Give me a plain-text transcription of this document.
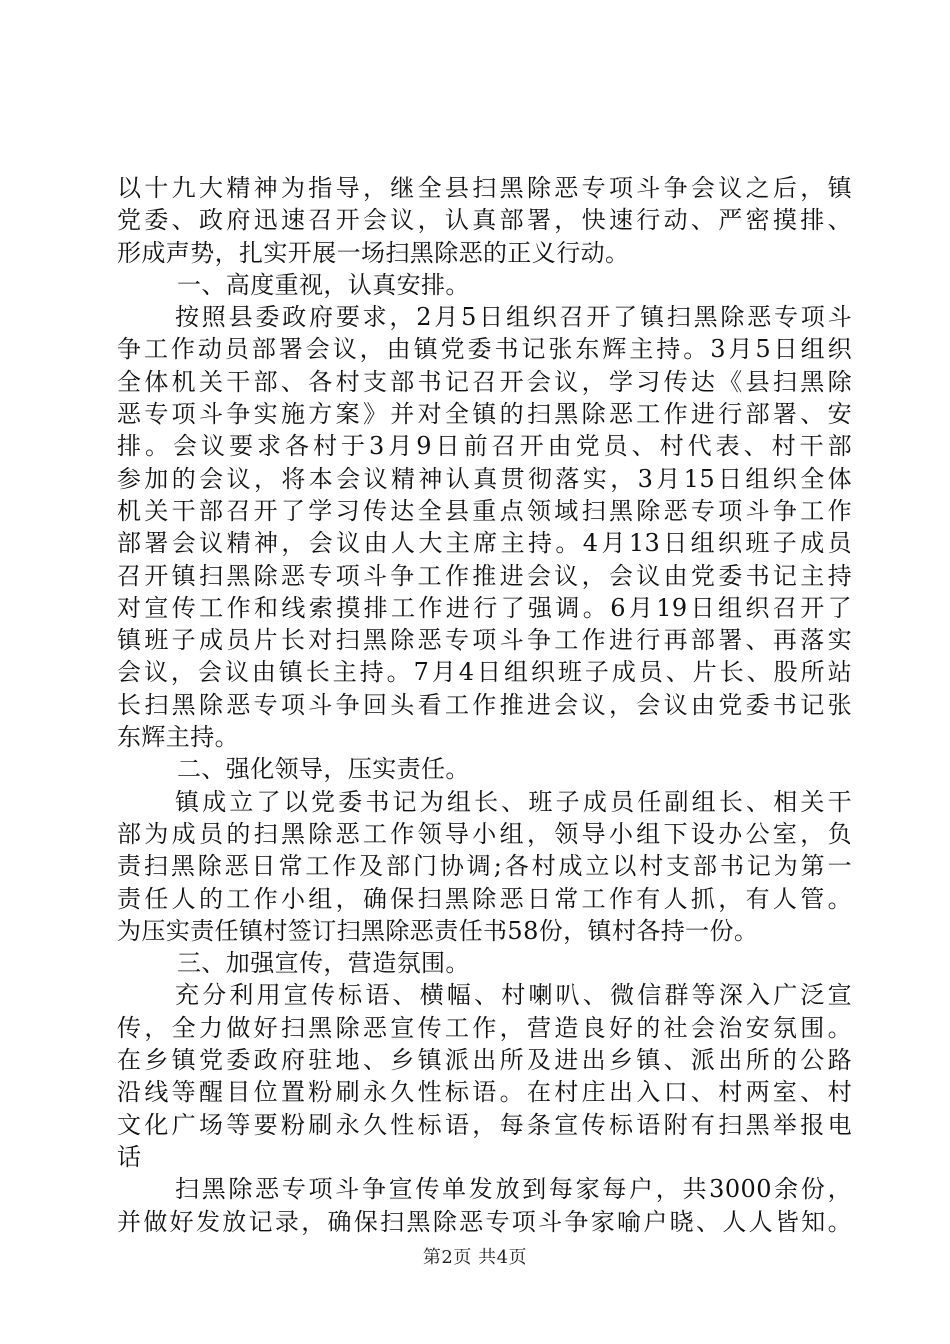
以十九大精神为指导，继全县扫黑除恶专项斗争会议之后，镇
党委、政府迅速召开会议，认真部署，快速行动、严密摸排、
形成声势，扎实开展一场扫黑除恶的正义行动。
一、高度重视，认真安排。
按照县委政府要求，2月5日组织召开了镇扫黑除恶专项斗
争工作动员部署会议，由镇党委书记张东辉主持。3月5日组织
全体机关干部、各村支部书记召开会议，学习传达《县扫黑除
恶专项斗争实施方案》并对全镇的扫黑除恶工作进行部署、安
排。会议要求各村于3月9日前召开由党员、村代表、村干部
参加的会议，将本会议精神认真贯彻落实，3月15日组织全体
机关干部召开了学习传达全县重点领域扫黑除恶专项斗争工作
部署会议精神，会议由人大主席主持。4月13日组织班子成员
召开镇扫黑除恶专项斗争工作推进会议，会议由党委书记主持
对宣传工作和线索摸排工作进行了强调。6月19日组织召开了
镇班子成员片长对扫黑除恶专项斗争工作进行再部署、再落实
会议，会议由镇长主持。7月4日组织班子成员、片长、股所站
长扫黑除恶专项斗争回头看工作推进会议，会议由党委书记张
东辉主持。
二、强化领导，压实责任。
镇成立了以党委书记为组长、班子成员任副组长、相关干
部为成员的扫黑除恶工作领导小组，领导小组下设办公室，负
责扫黑除恶日常工作及部门协调;各村成立以村支部书记为第一
责任人的工作小组，确保扫黑除恶日常工作有人抓，有人管。
为压实责任镇村签订扫黑除恶责任书58份，镇村各持一份。
三、加强宣传，营造氛围。
充分利用宣传标语、横幅、村喇叭、微信群等深入广泛宣
传，全力做好扫黑除恶宣传工作，营造良好的社会治安氛围。
在乡镇党委政府驻地、乡镇派出所及进出乡镇、派出所的公路
沿线等醒目位置粉刷永久性标语。在村庄出入口、村两室、村
文化广场等要粉刷永久性标语，每条宣传标语附有扫黑举报电
话
扫黑除恶专项斗争宣传单发放到每家每户，共3000余份，
并做好发放记录，确保扫黑除恶专项斗争家喻户晓、人人皆知。
第2页 共4页
